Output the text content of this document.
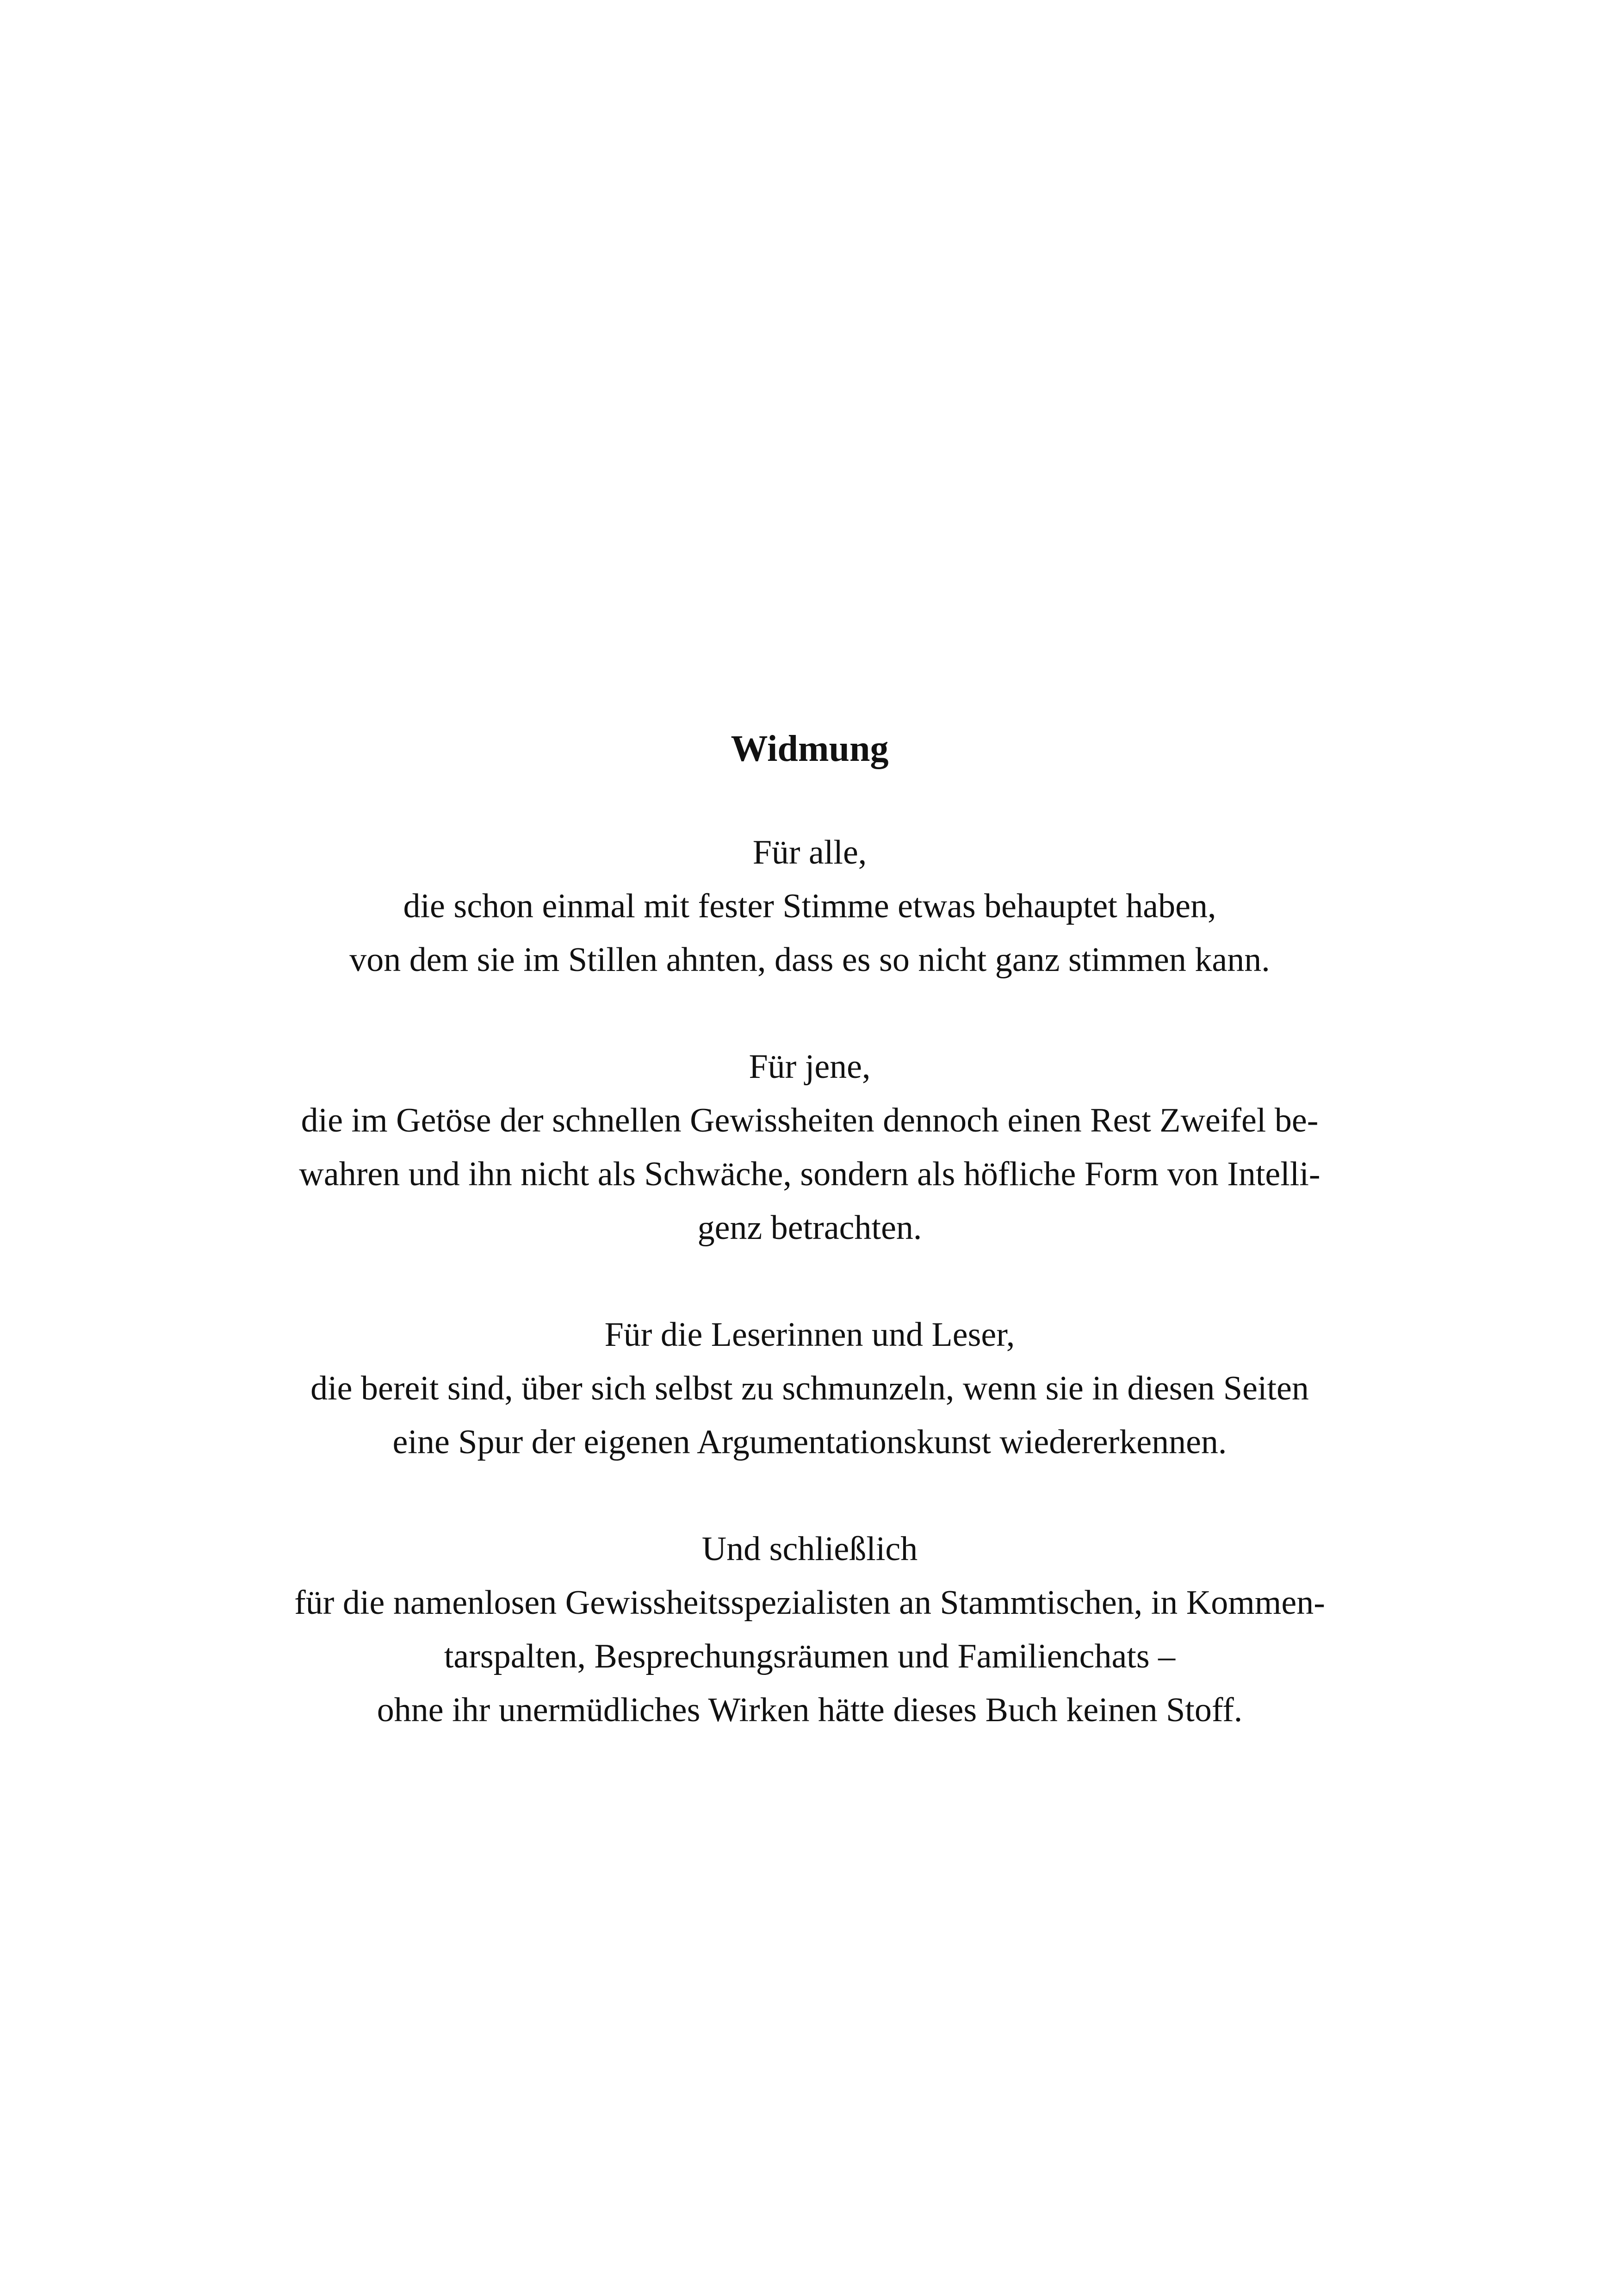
Widmung
Für alle,
die schon einmal mit fester Stimme etwas behauptet haben,
von dem sie im Stillen ahnten, dass es so nicht ganz stimmen kann.
Für jene,
die im Getöse der schnellen Gewissheiten dennoch einen Rest Zweifel be-
wahren und ihn nicht als Schwäche, sondern als höfliche Form von Intelli-
genz betrachten.
Für die Leserinnen und Leser,
die bereit sind, über sich selbst zu schmunzeln, wenn sie in diesen Seiten
eine Spur der eigenen Argumentationskunst wiedererkennen.
Und schließlich
für die namenlosen Gewissheitsspezialisten an Stammtischen, in Kommen-
tarspalten, Besprechungsräumen und Familienchats –
ohne ihr unermüdliches Wirken hätte dieses Buch keinen Stoff.
